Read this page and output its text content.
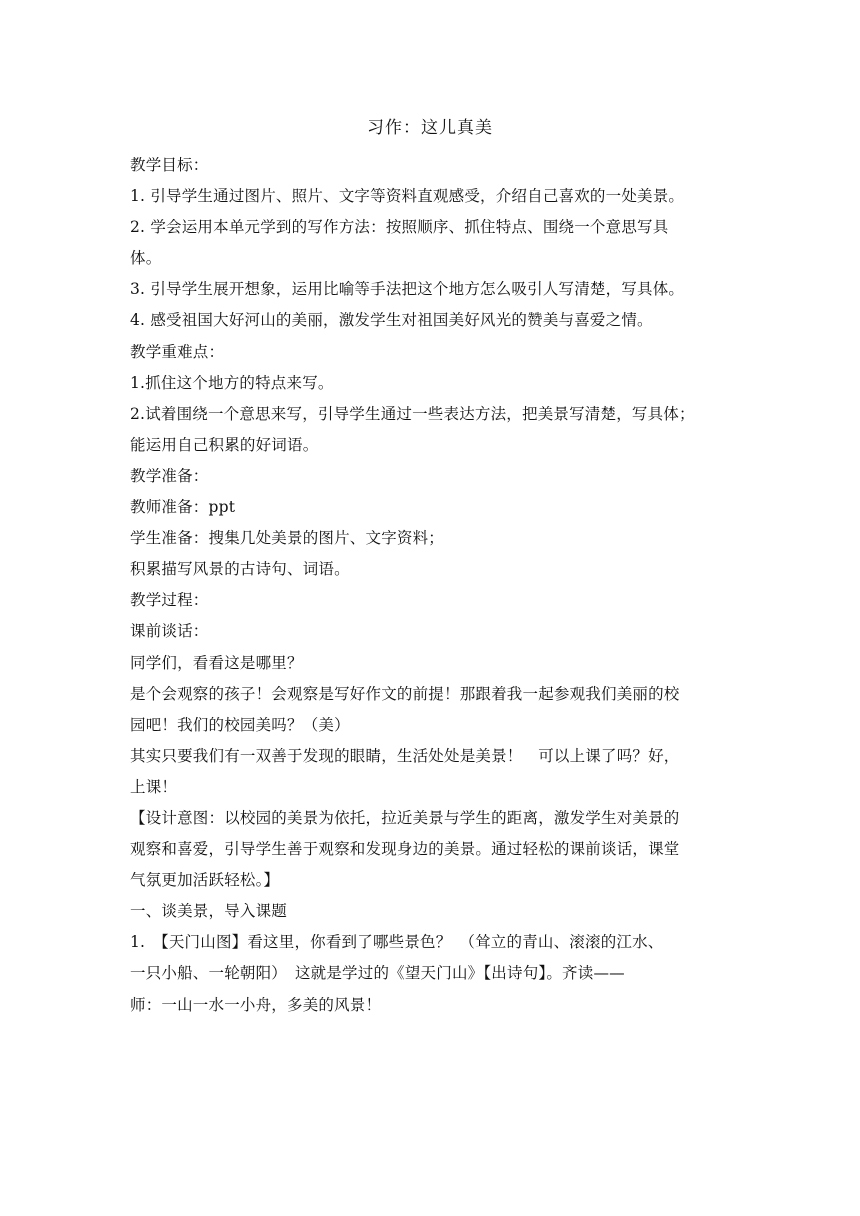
习作：这儿真美
教学目标：
1. 引导学生通过图片、照片、文字等资料直观感受，介绍自己喜欢的一处美景。
2. 学会运用本单元学到的写作方法：按照顺序、抓住特点、围绕一个意思写具
体。
3. 引导学生展开想象，运用比喻等手法把这个地方怎么吸引人写清楚，写具体。
4. 感受祖国大好河山的美丽，激发学生对祖国美好风光的赞美与喜爱之情。
教学重难点：
1.抓住这个地方的特点来写。
2.试着围绕一个意思来写，引导学生通过一些表达方法，把美景写清楚，写具体；
能运用自己积累的好词语。
教学准备：
教师准备：ppt
学生准备：搜集几处美景的图片、文字资料；
积累描写风景的古诗句、词语。
教学过程：
课前谈话：
同学们，看看这是哪里？
是个会观察的孩子！会观察是写好作文的前提！那跟着我一起参观我们美丽的校
园吧！我们的校园美吗？（美）
其实只要我们有一双善于发现的眼睛，生活处处是美景！　可以上课了吗？好，
上课！
【设计意图：以校园的美景为依托，拉近美景与学生的距离，激发学生对美景的
观察和喜爱，引导学生善于观察和发现身边的美景。通过轻松的课前谈话，课堂
气氛更加活跃轻松。】
一、谈美景，导入课题
1.　【天门山图】看这里，你看到了哪些景色？　（耸立的青山、滚滚的江水、
一只小船、一轮朝阳）　这就是学过的《望天门山》【出诗句】。齐读——
师：一山一水一小舟，多美的风景！
